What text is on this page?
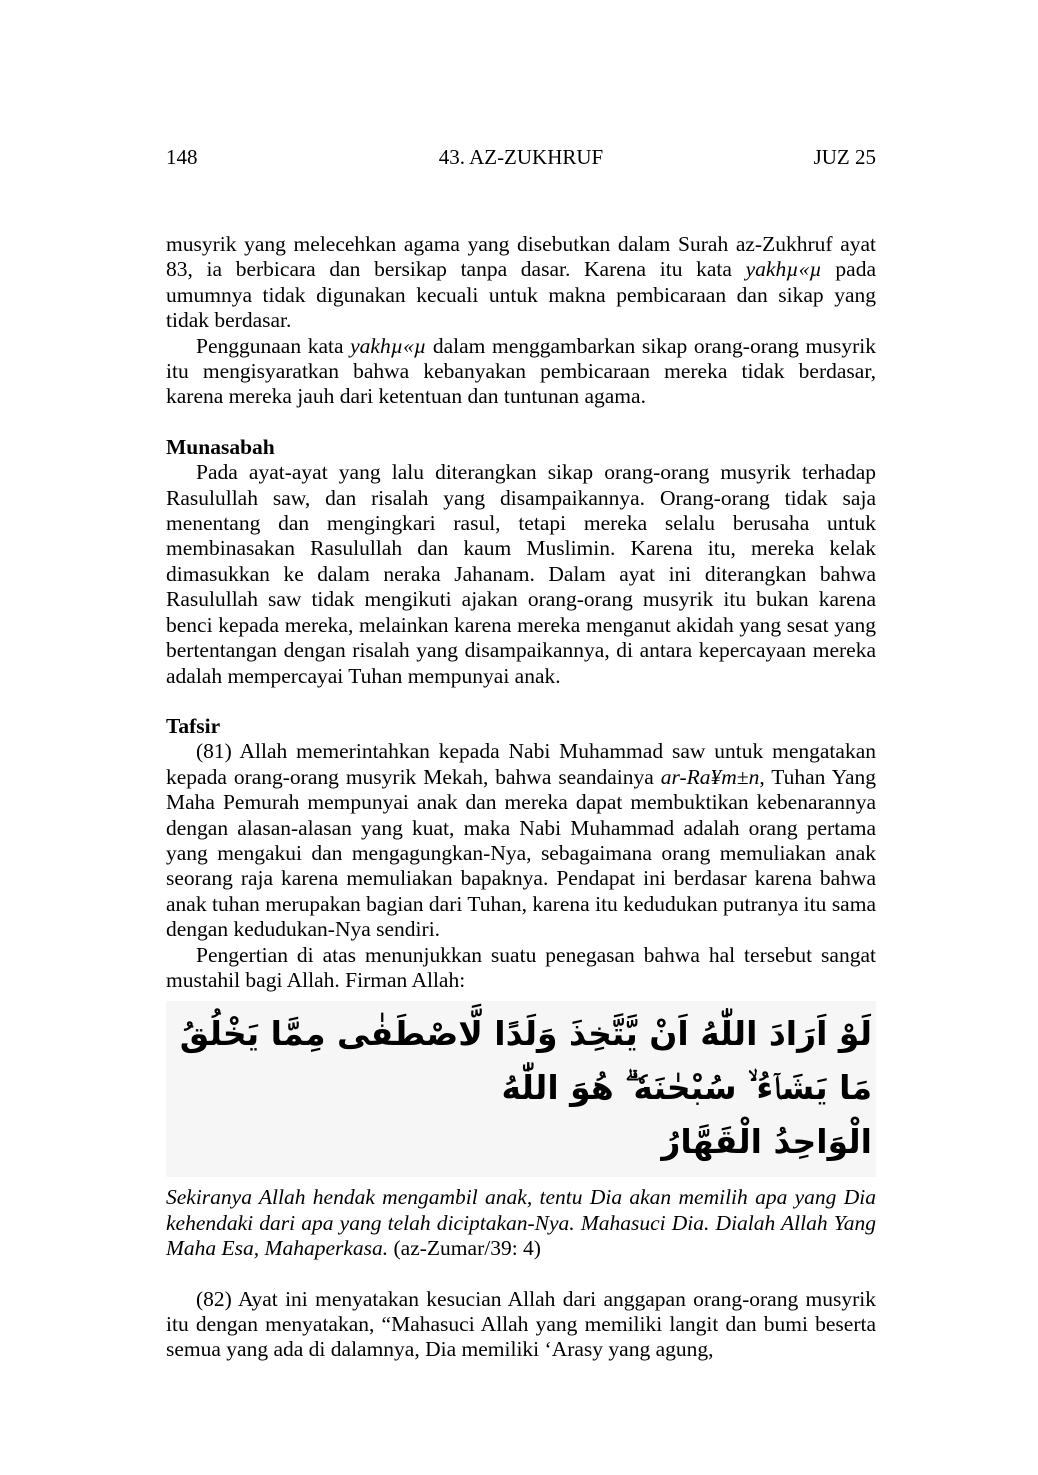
148	43. AZ-ZUKHRUF	JUZ 25

musyrik yang melecehkan agama yang disebutkan dalam Surah az-Zukhruf ayat 83, ia berbicara dan bersikap tanpa dasar. Karena itu kata yakhµ«µ pada umumnya tidak digunakan kecuali untuk makna pembicaraan dan sikap yang tidak berdasar.

Penggunaan kata yakhµ«µ dalam menggambarkan sikap orang-orang musyrik itu mengisyaratkan bahwa kebanyakan pembicaraan mereka tidak berdasar, karena mereka jauh dari ketentuan dan tuntunan agama.

Munasabah

Pada ayat-ayat yang lalu diterangkan sikap orang-orang musyrik terhadap Rasulullah saw, dan risalah yang disampaikannya. Orang-orang tidak saja menentang dan mengingkari rasul, tetapi mereka selalu berusaha untuk membinasakan Rasulullah dan kaum Muslimin. Karena itu, mereka kelak dimasukkan ke dalam neraka Jahanam. Dalam ayat ini diterangkan bahwa Rasulullah saw tidak mengikuti ajakan orang-orang musyrik itu bukan karena benci kepada mereka, melainkan karena mereka menganut akidah yang sesat yang bertentangan dengan risalah yang disampaikannya, di antara kepercayaan mereka adalah mempercayai Tuhan mempunyai anak.

Tafsir

(81) Allah memerintahkan kepada Nabi Muhammad saw untuk mengatakan kepada orang-orang musyrik Mekah, bahwa seandainya ar-Ra¥m±n, Tuhan Yang Maha Pemurah mempunyai anak dan mereka dapat membuktikan kebenarannya dengan alasan-alasan yang kuat, maka Nabi Muhammad adalah orang pertama yang mengakui dan mengagungkan-Nya, sebagaimana orang memuliakan anak seorang raja karena memuliakan bapaknya. Pendapat ini berdasar karena bahwa anak tuhan merupakan bagian dari Tuhan, karena itu kedudukan putranya itu sama dengan kedudukan-Nya sendiri.

Pengertian di atas menunjukkan suatu penegasan bahwa hal tersebut sangat mustahil bagi Allah. Firman Allah:

لَوْ اَرَادَ اللّٰهُ اَنْ يَّتَّخِذَ وَلَدًا لَّاصْطَفٰى مِمَّا يَخْلُقُ مَا يَشَاۤءُ ۙ سُبْحٰنَهٗ ۗ هُوَ اللّٰهُ
الْوَاحِدُ الْقَهَّارُ

Sekiranya Allah hendak mengambil anak, tentu Dia akan memilih apa yang Dia kehendaki dari apa yang telah diciptakan-Nya. Mahasuci Dia. Dialah Allah Yang Maha Esa, Mahaperkasa. (az-Zumar/39: 4)

(82) Ayat ini menyatakan kesucian Allah dari anggapan orang-orang musyrik itu dengan menyatakan, “Mahasuci Allah yang memiliki langit dan bumi beserta semua yang ada di dalamnya, Dia memiliki ‘Arasy yang agung,
